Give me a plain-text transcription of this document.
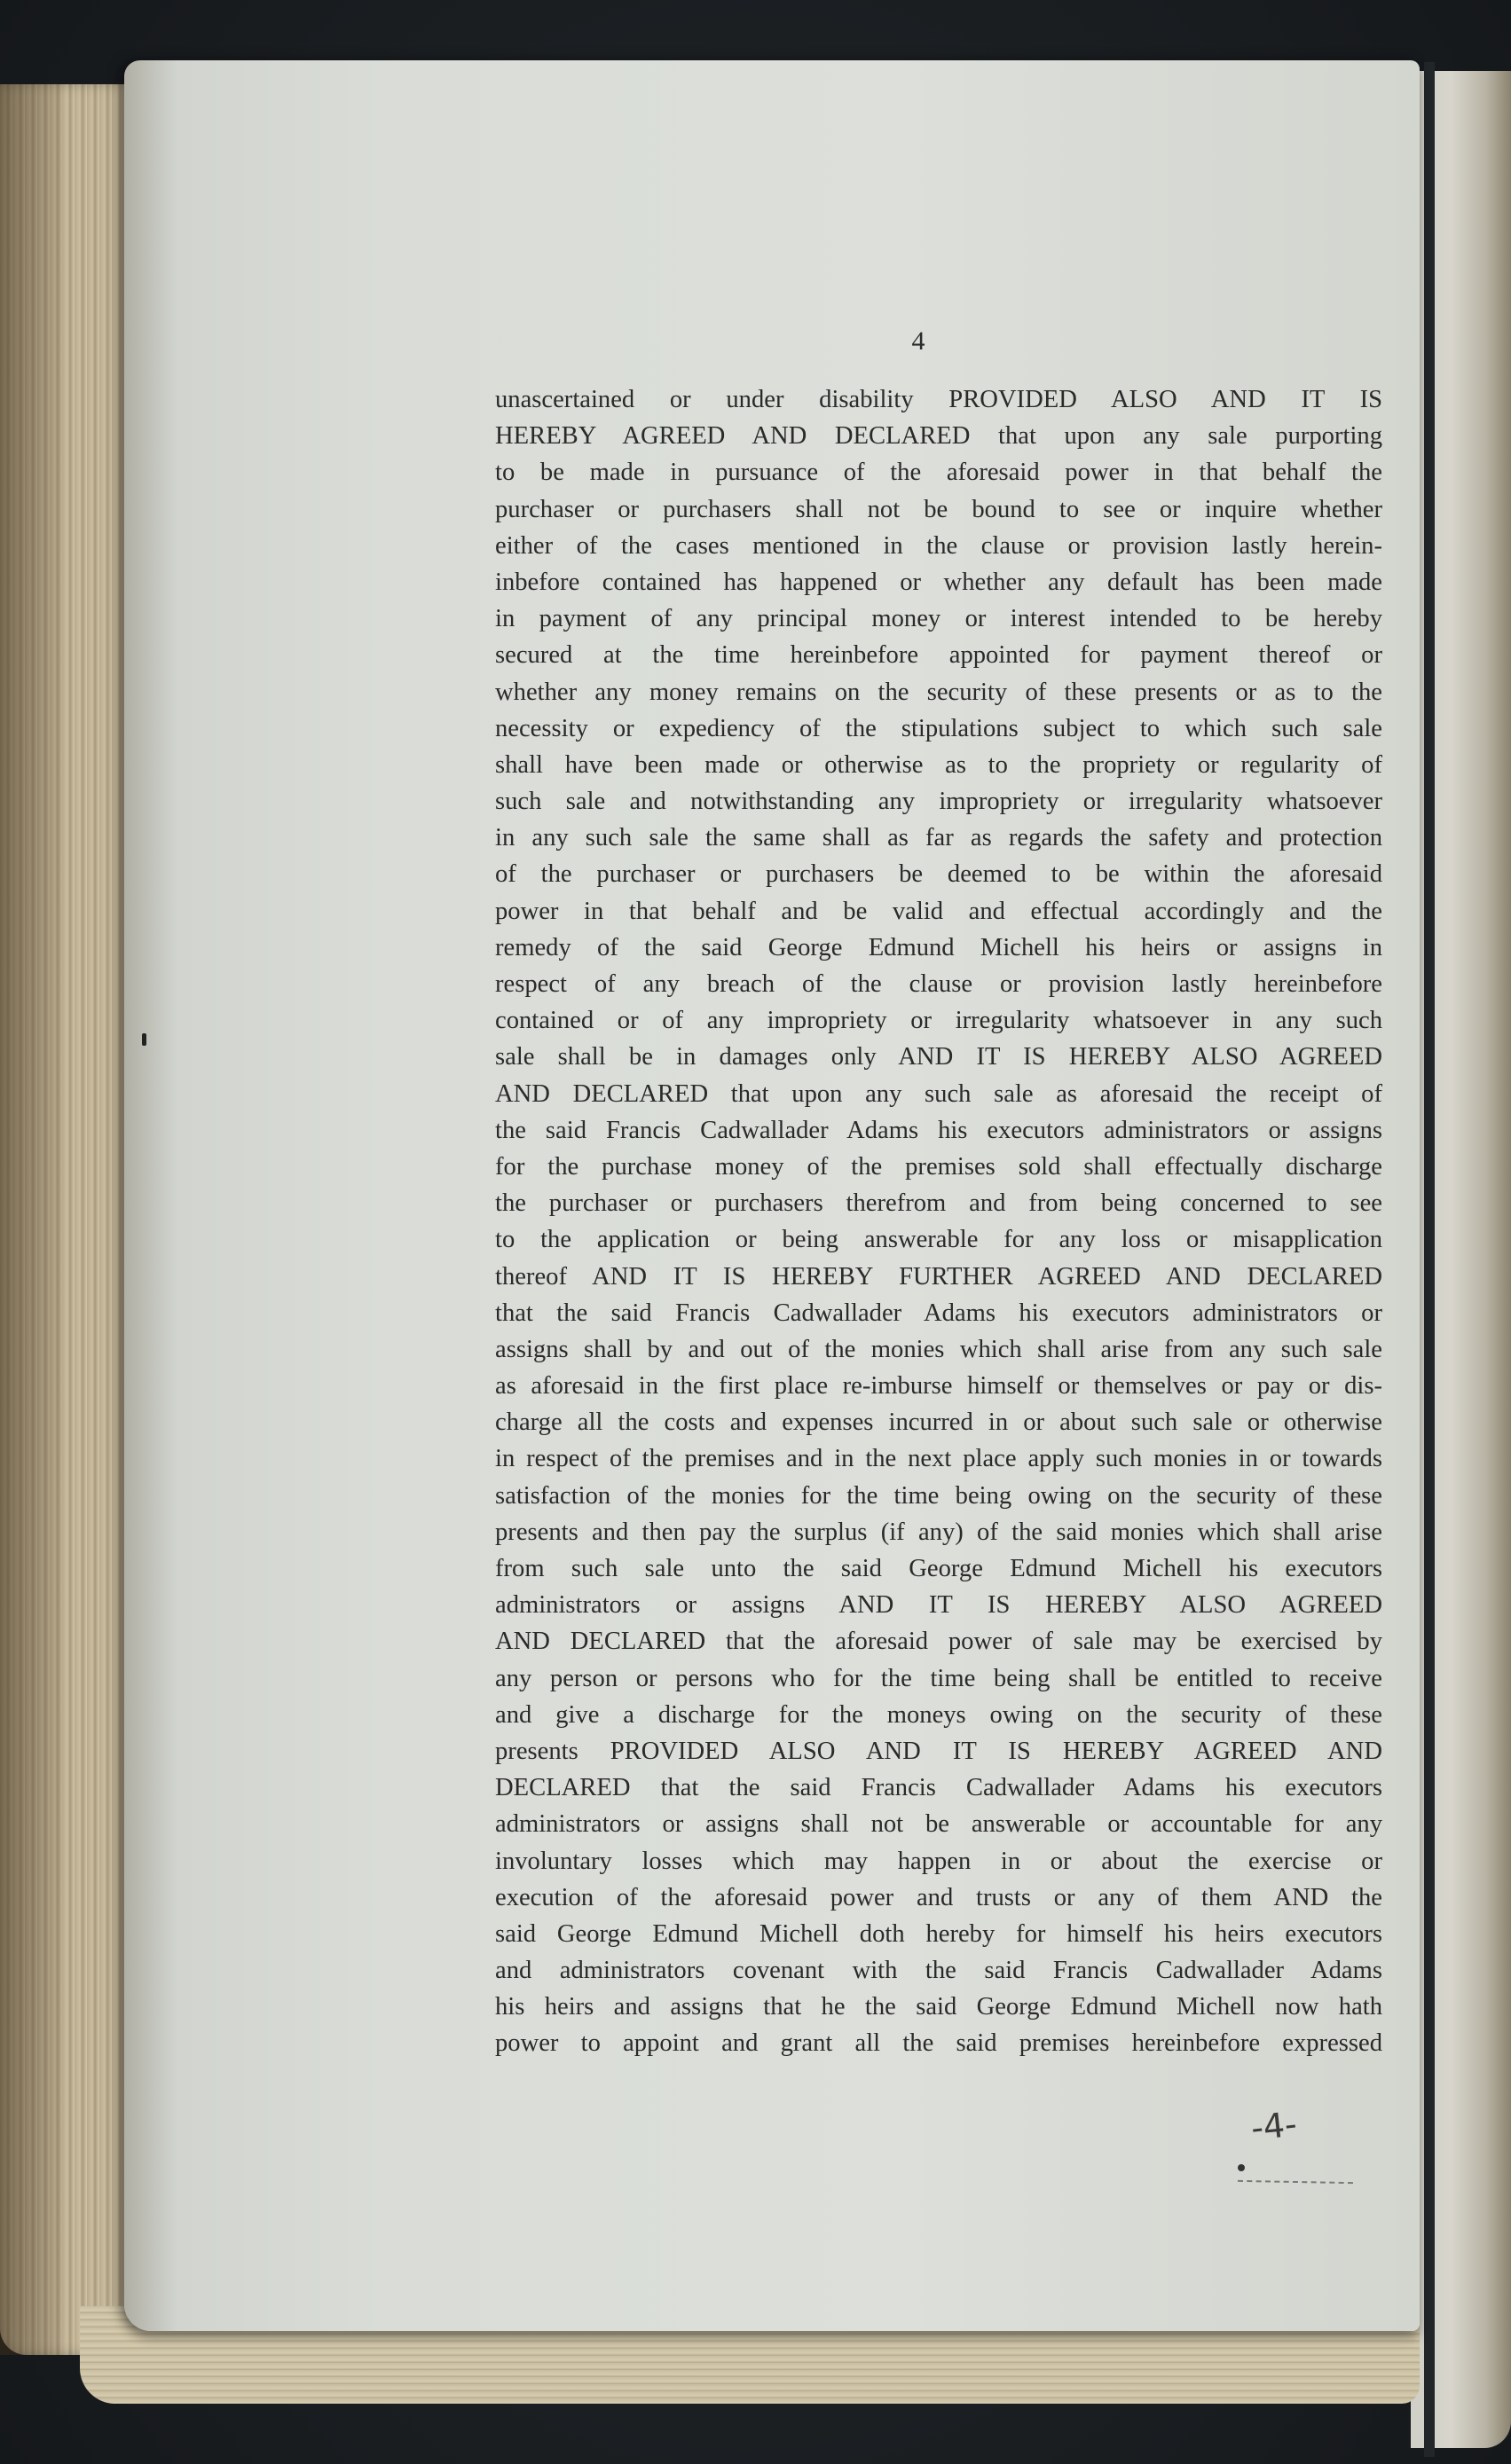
4
unascertained or under disability PROVIDED ALSO AND IT IS
HEREBY AGREED AND DECLARED that upon any sale purporting
to be made in pursuance of the aforesaid power in that behalf the
purchaser or purchasers shall not be bound to see or inquire whether
either of the cases mentioned in the clause or provision lastly herein-
inbefore contained has happened or whether any default has been made
in payment of any principal money or interest intended to be hereby
secured at the time hereinbefore appointed for payment thereof or
whether any money remains on the security of these presents or as to the
necessity or expediency of the stipulations subject to which such sale
shall have been made or otherwise as to the propriety or regularity of
such sale and notwithstanding any impropriety or irregularity whatsoever
in any such sale the same shall as far as regards the safety and protection
of the purchaser or purchasers be deemed to be within the aforesaid
power in that behalf and be valid and effectual accordingly and the
remedy of the said George Edmund Michell his heirs or assigns in
respect of any breach of the clause or provision lastly hereinbefore
contained or of any impropriety or irregularity whatsoever in any such
sale shall be in damages only AND IT IS HEREBY ALSO AGREED
AND DECLARED that upon any such sale as aforesaid the receipt of
the said Francis Cadwallader Adams his executors administrators or assigns
for the purchase money of the premises sold shall effectually discharge
the purchaser or purchasers therefrom and from being concerned to see
to the application or being answerable for any loss or misapplication
thereof AND IT IS HEREBY FURTHER AGREED AND DECLARED
that the said Francis Cadwallader Adams his executors administrators or
assigns shall by and out of the monies which shall arise from any such sale
as aforesaid in the first place re-imburse himself or themselves or pay or dis-
charge all the costs and expenses incurred in or about such sale or otherwise
in respect of the premises and in the next place apply such monies in or towards
satisfaction of the monies for the time being owing on the security of these
presents and then pay the surplus (if any) of the said monies which shall arise
from such sale unto the said George Edmund Michell his executors
administrators or assigns AND IT IS HEREBY ALSO AGREED
AND DECLARED that the aforesaid power of sale may be exercised by
any person or persons who for the time being shall be entitled to receive
and give a discharge for the moneys owing on the security of these
presents PROVIDED ALSO AND IT IS HEREBY AGREED AND
DECLARED that the said Francis Cadwallader Adams his executors
administrators or assigns shall not be answerable or accountable for any
involuntary losses which may happen in or about the exercise or
execution of the aforesaid power and trusts or any of them AND the
said George Edmund Michell doth hereby for himself his heirs executors
and administrators covenant with the said Francis Cadwallader Adams
his heirs and assigns that he the said George Edmund Michell now hath
power to appoint and grant all the said premises hereinbefore expressed
-4-
